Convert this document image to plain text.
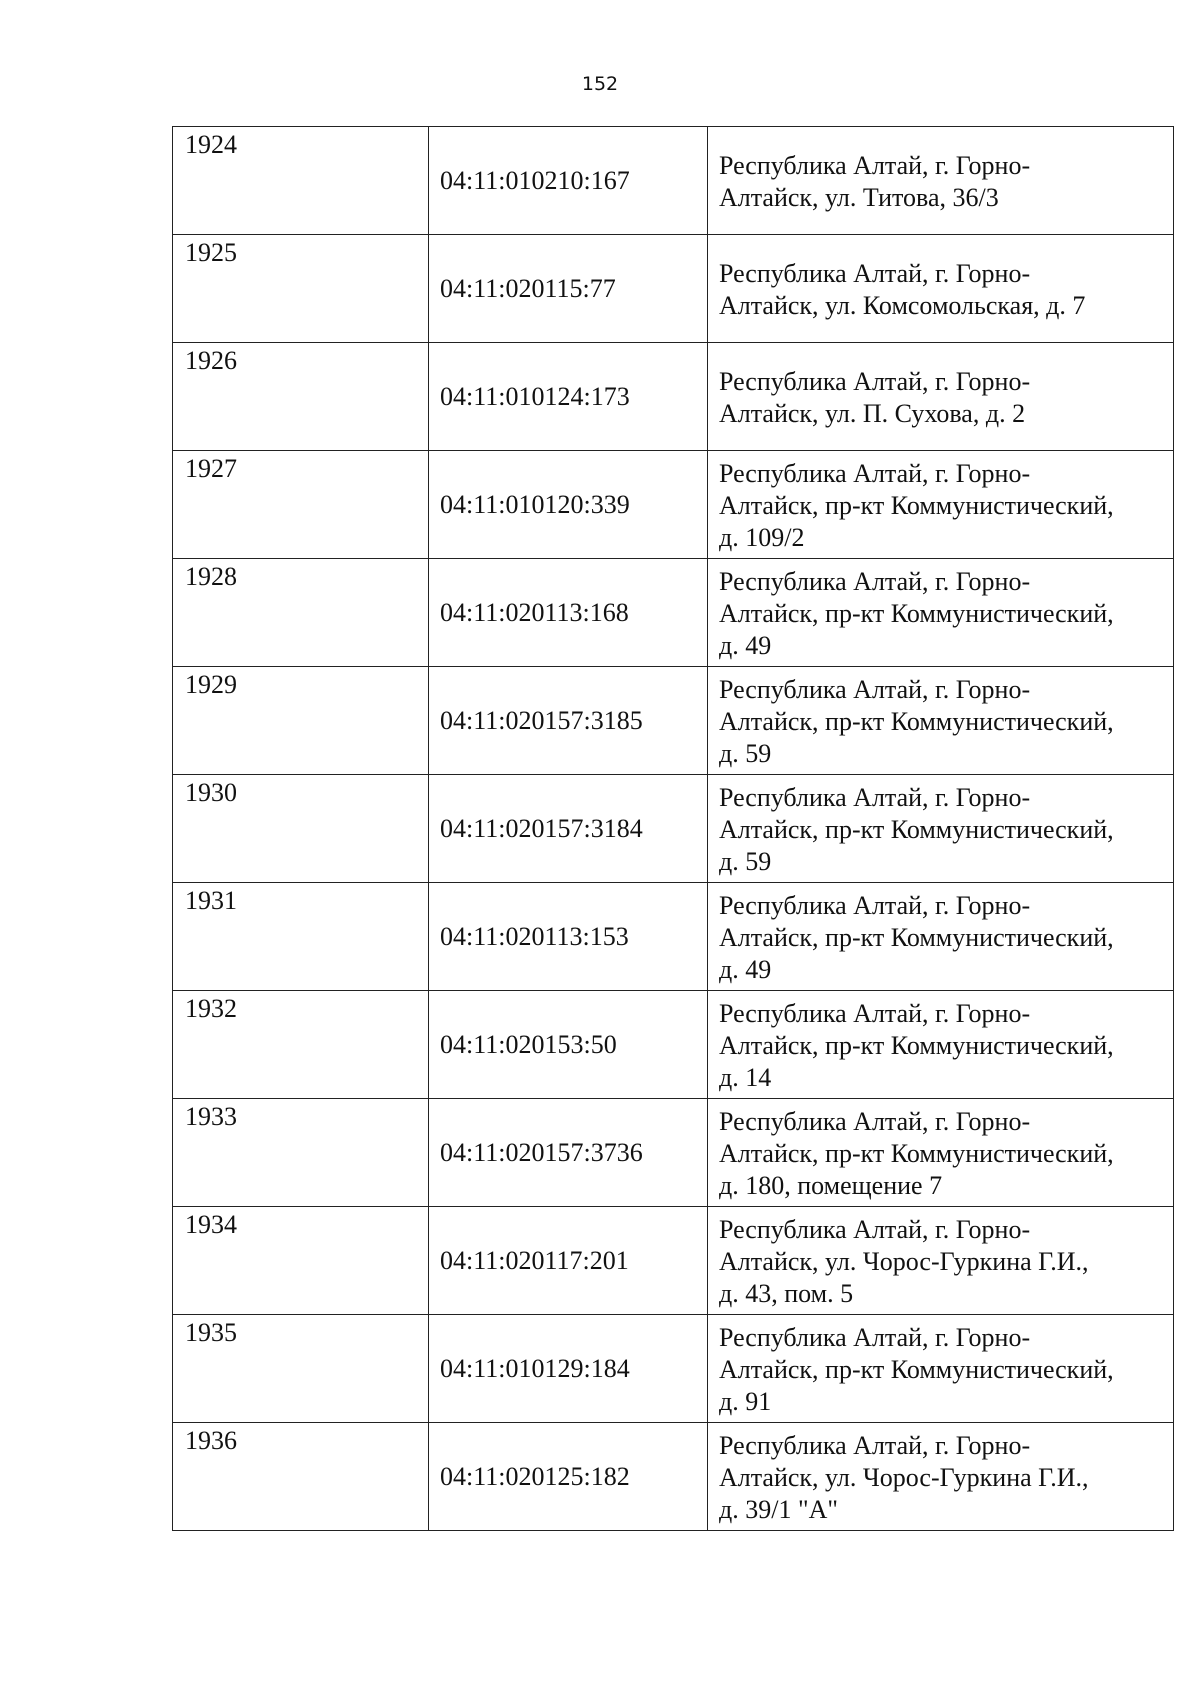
152
1924	04:11:010210:167	Республика Алтай, г. Горно-
Алтайск, ул. Титова, 36/3

1925	04:11:020115:77	Республика Алтай, г. Горно-
Алтайск, ул. Комсомольская, д. 7

1926	04:11:010124:173	Республика Алтай, г. Горно-
Алтайск, ул. П. Сухова, д. 2

1927	04:11:010120:339	Республика Алтай, г. Горно-
Алтайск, пр-кт Коммунистический,
д. 109/2

1928	04:11:020113:168	Республика Алтай, г. Горно-
Алтайск, пр-кт Коммунистический,
д. 49

1929	04:11:020157:3185	Республика Алтай, г. Горно-
Алтайск, пр-кт Коммунистический,
д. 59

1930	04:11:020157:3184	Республика Алтай, г. Горно-
Алтайск, пр-кт Коммунистический,
д. 59

1931	04:11:020113:153	Республика Алтай, г. Горно-
Алтайск, пр-кт Коммунистический,
д. 49

1932	04:11:020153:50	Республика Алтай, г. Горно-
Алтайск, пр-кт Коммунистический,
д. 14

1933	04:11:020157:3736	Республика Алтай, г. Горно-
Алтайск, пр-кт Коммунистический,
д. 180, помещение 7

1934	04:11:020117:201	Республика Алтай, г. Горно-
Алтайск, ул. Чорос-Гуркина Г.И.,
д. 43, пом. 5

1935	04:11:010129:184	Республика Алтай, г. Горно-
Алтайск, пр-кт Коммунистический,
д. 91

1936	04:11:020125:182	Республика Алтай, г. Горно-
Алтайск, ул. Чорос-Гуркина Г.И.,
д. 39/1 "А"
